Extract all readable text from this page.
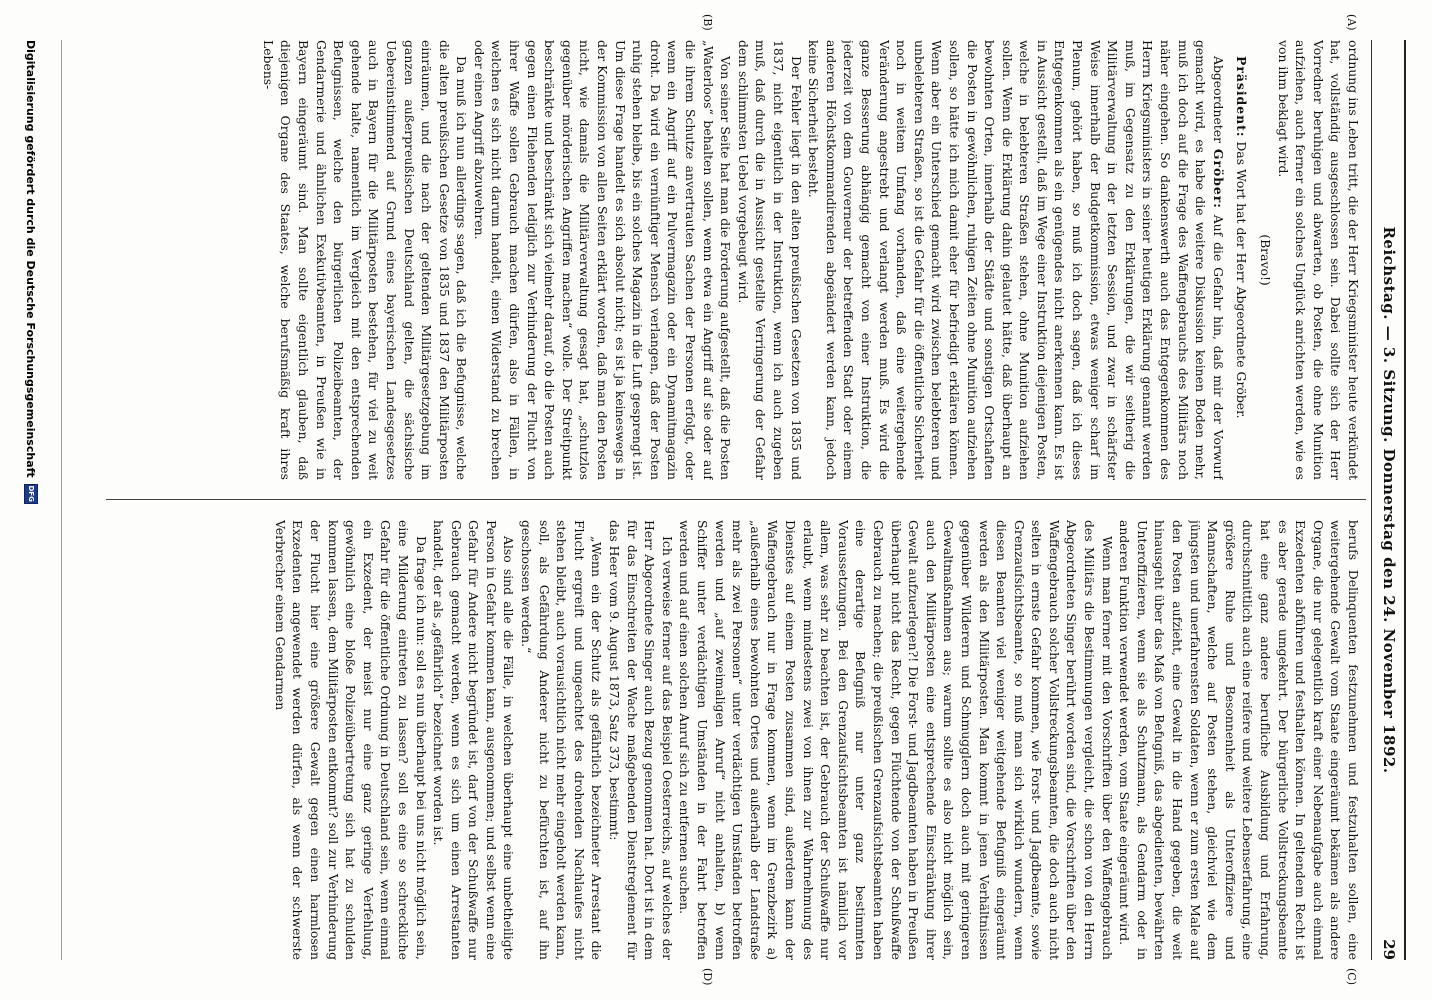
Reichstag. — 3. Sitzung. Donnerstag den 24. November 1892.
29
(A)
(B)
(C)
(D)

ordnung ins Leben tritt, die der Herr Kriegsminister heute verkündet hat, vollständig ausgeschlossen sein. Dabei sollte sich der Herr Vorredner beruhigen und abwarten, ob Posten, die ohne Munition aufziehen, auch ferner ein solches Unglück anrichten werden, wie es von ihm beklagt wird.

(Bravo!)

Präsident: Das Wort hat der Herr Abgeordnete Gröber.

Abgeordneter Gröber: Auf die Gefahr hin, daß mir der Vorwurf gemacht wird, es habe die weitere Diskussion keinen Boden mehr, muß ich doch auf die Frage des Waffengebrauchs des Militärs noch näher eingehen. So dankenswerth auch das Entgegenkommen des Herrn Kriegsministers in seiner heutigen Erklärung genannt werden muß, im Gegensatz zu den Erklärungen, die wir seitherig die Militärverwaltung in der letzten Session, und zwar in schärfster Weise innerhalb der Budgetkommission, etwas weniger scharf im Plenum, gehört haben, so muß ich doch sagen, daß ich dieses Entgegenkommen als ein genügendes nicht anerkennen kann. Es ist in Aussicht gestellt, daß im Wege einer Instruktion diejenigen Posten, welche in belebteren Straßen stehen, ohne Munition aufziehen sollen. Wenn die Erklärung dahin gelautet hätte, daß überhaupt an bewohnten Orten, innerhalb der Städte und sonstigen Ortschaften die Posten in gewöhnlichen, ruhigen Zeiten ohne Munition aufziehen sollen, so hätte ich mich damit eher für befriedigt erklären können. Wenn aber ein Unterschied gemacht wird zwischen belebteren und unbelebteren Straßen, so ist die Gefahr für die öffentliche Sicherheit noch in weitem Umfang vorhanden, daß eine weitergehende Veränderung angestrebt und verlangt werden muß. Es wird die ganze Besserung abhängig gemacht von einer Instruktion, die jederzeit von dem Gouverneur der betreffenden Stadt oder einem anderen Höchstkommandirenden abgeändert werden kann, jedoch keine Sicherheit besteht.

Der Fehler liegt in den alten preußischen Gesetzen von 1835 und 1837, nicht eigentlich in der Instruktion, wenn ich auch zugeben muß, daß durch die in Aussicht gestellte Verringerung der Gefahr dem schlimmsten Uebel vorgebeugt wird.

Von seiner Seite hat man die Forderung aufgestellt, daß die Posten „Waterloos“ behalten sollen, wenn etwa ein Angriff auf sie oder auf die ihrem Schutze anvertrauten Sachen der Personen erfolgt, oder wenn ein Angriff auf ein Pulvermagazin oder ein Dynamitmagazin droht. Da wird ein vernünftiger Mensch verlangen, daß der Posten ruhig stehen bleibe, bis ein solches Magazin in die Luft gesprengt ist. Um diese Frage handelt es sich absolut nicht; es ist ja keineswegs in der Kommission von allen Seiten erklärt worden, daß man den Posten nicht, wie damals die Militärverwaltung gesagt hat, „schutzlos gegenüber mörderischen Angriffen machen“ wolle. Der Streitpunkt beschränkte und beschränkt sich vielmehr darauf, ob die Posten auch gegen einen Fliehenden lediglich zur Verhinderung der Flucht von ihrer Waffe sollen Gebrauch machen dürfen, also in Fällen, in welchen es sich nicht darum handelt, einen Widerstand zu brechen oder einen Angriff abzuwehren.

Da muß ich nun allerdings sagen, daß ich die Befugnisse, welche die alten preußischen Gesetze von 1835 und 1837 den Militärposten einräumen, und die nach der geltenden Militärgesetzgebung im ganzen außerpreußischen Deutschland gelten, die sächsische Uebereinstimmend auf Grund eines bayerischen Landesgesetzes auch in Bayern für die Militärposten bestehen, für viel zu weit gehende halte, namentlich im Vergleich mit den entsprechenden Befugnissen, welche den bürgerlichen Polizeibeamten, der Gendarmerie und ähnlichen Exekutivbeamten, in Preußen wie in Bayern eingeräumt sind. Man sollte eigentlich glauben, daß diejenigen Organe des Staates, welche berufsmäßig kraft ihres Lebens-

berufs Delinquenten festzunehmen und festzuhalten sollen, eine weitergehende Gewalt vom Staate eingeräumt bekämen als andere Organe, die nur gelegentlich kraft einer Nebenaufgabe auch einmal Exzedenten abführen und festhalten können. In geltendem Recht ist es aber gerade umgekehrt. Der bürgerliche Vollstreckungsbeamte hat eine ganz andere berufliche Ausbildung und Erfahrung, durchschnittlich auch eine reifere und weitere Lebenserfahrung, eine größere Ruhe und Besonnenheit als Unteroffiziere und Mannschaften, welche auf Posten stehen, gleichviel wie dem jüngsten und unerfahrensten Soldaten, wenn er zum ersten Male auf den Posten aufzieht, eine Gewalt in die Hand gegeben, die weit hinausgeht über das Maß von Befugniß, das abgedienten, bewährten Unteroffizieren, wenn sie als Schutzmann, als Gendarm oder in anderen Funktion verwendet werden, vom Staate eingeräumt wird.

Wenn man ferner mit den Vorschriften über den Waffengebrauch des Militärs die Bestimmungen vergleicht, die schon von den Herrn Abgeordneten Singer berührt worden sind, die Vorschriften über den Waffengebrauch solcher Vollstreckungsbeamten, die doch auch nicht selten in ernste Gefahr kommen, wie Forst- und Jagdbeamte, sowie Grenzaufsichtsbeamte, so muß man sich wirklich wundern, wenn diesen Beamten viel weniger weitgehende Befugniß eingeräumt werden als den Militärposten. Man kommt in jenen Verhältnissen gegenüber Wilderern und Schmugglern doch auch mit geringeren Gewaltmaßnahmen aus; warum sollte es also nicht möglich sein, auch den Militärposten eine entsprechende Einschränkung ihrer Gewalt aufzuerlegen?! Die Forst- und Jagdbeamten haben in Preußen überhaupt nicht das Recht, gegen Flüchtende von der Schußwaffe Gebrauch zu machen; die preußischen Grenzaufsichtsbeamten haben eine derartige Befugniß nur unter ganz bestimmten Voraussetzungen. Bei den Grenzaufsichtsbeamten ist nämlich vor allem, was sehr zu beachten ist, der Gebrauch der Schußwaffe nur erlaubt, wenn mindestens zwei von ihnen zur Wahrnehmung des Dienstes auf einem Posten zusammen sind, außerdem kann der Waffengebrauch nur in Frage kommen, wenn im Grenzbezirk a) „außerhalb eines bewohnten Ortes und außerhalb der Landstraße mehr als zwei Personen“ unter verdächtigen Umständen betroffen werden und „auf zweimaligen Anruf“ nicht anhalten, b) wenn Schiffer unter verdächtigen Umständen in der Fahrt betroffen werden und auf einen solchen Anruf sich zu entfernen suchen.

Ich verweise ferner auf das Beispiel Oesterreichs, auf welches der Herr Abgeordnete Singer auch Bezug genommen hat. Dort ist in dem für das Einschreiten der Wache maßgebenden Dienstreglement für das Heer vom 9. August 1873, Satz 373, bestimmt:

„Wenn ein der Schutz als gefährlich bezeichneter Arrestant die Flucht ergreift und ungeachtet des drohenden Nachlaufes nicht stehen bleibt, auch vorausichtlich nicht mehr eingeholt werden kann, soll, als Gefährdung Anderer nicht zu befürchten ist, auf ihn geschossen werden.“

Also sind alle die Fälle, in welchen überhaupt eine unbetheiligte Person in Gefahr kommen kann, ausgenommen; und selbst wenn eine Gefahr für Andere nicht begründet ist, darf von der Schußwaffe nur Gebrauch gemacht werden, wenn es sich um einen Arrestanten handelt, der als „gefährlich“ bezeichnet worden ist.

Da frage ich nun: soll es nun überhaupt bei uns nicht möglich sein, eine Milderung eintreten zu lassen? soll es eine so schreckliche Gefahr für die öffentliche Ordnung in Deutschland sein, wenn einmal ein Exzedent, der meist nur eine ganz geringe Verfehlung, gewöhnlich eine bloße Polizeiübertretung sich hat zu schulden kommen lassen, dem Militärposten entkommt? soll zur Verhinderung der Flucht hier eine größere Gewalt gegen einen harmlosen Exzedenten angewendet werden dürfen, als wenn der schwerste Verbrecher einem Gendarmen

Digitalisierung gefördert durch die Deutsche Forschungsgemeinschaft
DFG
